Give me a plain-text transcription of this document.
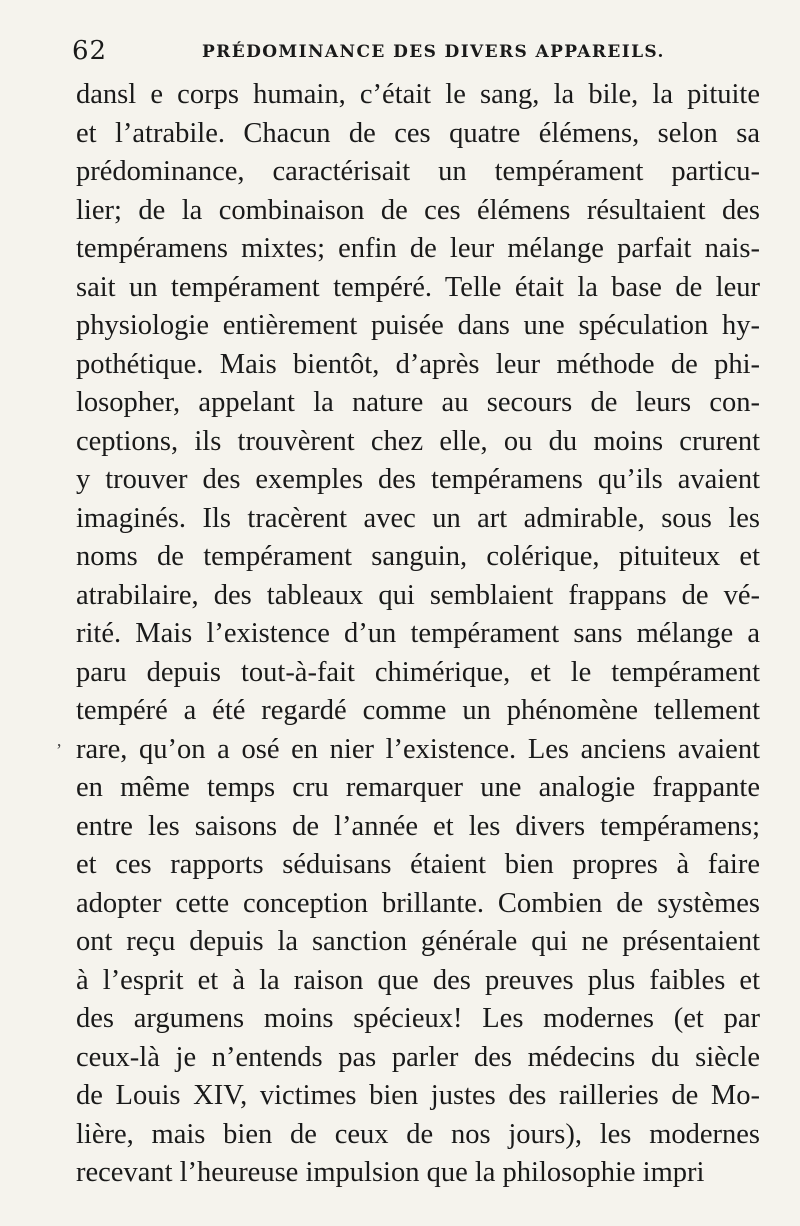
62	PRÉDOMINANCE DES DIVERS APPAREILS.
ʼ
dansl e corps humain, c’était le sang, la bile, la pituite
et l’atrabile. Chacun de ces quatre élémens, selon sa
prédominance, caractérisait un tempérament particu-
lier; de la combinaison de ces élémens résultaient des
tempéramens mixtes; enfin de leur mélange parfait nais-
sait un tempérament tempéré. Telle était la base de leur
physiologie entièrement puisée dans une spéculation hy-
pothétique. Mais bientôt, d’après leur méthode de phi-
losopher, appelant la nature au secours de leurs con-
ceptions, ils trouvèrent chez elle, ou du moins crurent
y trouver des exemples des tempéramens qu’ils avaient
imaginés. Ils tracèrent avec un art admirable, sous les
noms de tempérament sanguin, colérique, pituiteux et
atrabilaire, des tableaux qui semblaient frappans de vé-
rité. Mais l’existence d’un tempérament sans mélange a
paru depuis tout-à-fait chimérique, et le tempérament
tempéré a été regardé comme un phénomène tellement
rare, qu’on a osé en nier l’existence. Les anciens avaient
en même temps cru remarquer une analogie frappante
entre les saisons de l’année et les divers tempéramens;
et ces rapports séduisans étaient bien propres à faire
adopter cette conception brillante. Combien de systèmes
ont reçu depuis la sanction générale qui ne présentaient
à l’esprit et à la raison que des preuves plus faibles et
des argumens moins spécieux! Les modernes (et par
ceux-là je n’entends pas parler des médecins du siècle
de Louis XIV, victimes bien justes des railleries de Mo-
lière, mais bien de ceux de nos jours), les modernes
recevant l’heureuse impulsion que la philosophie impri
